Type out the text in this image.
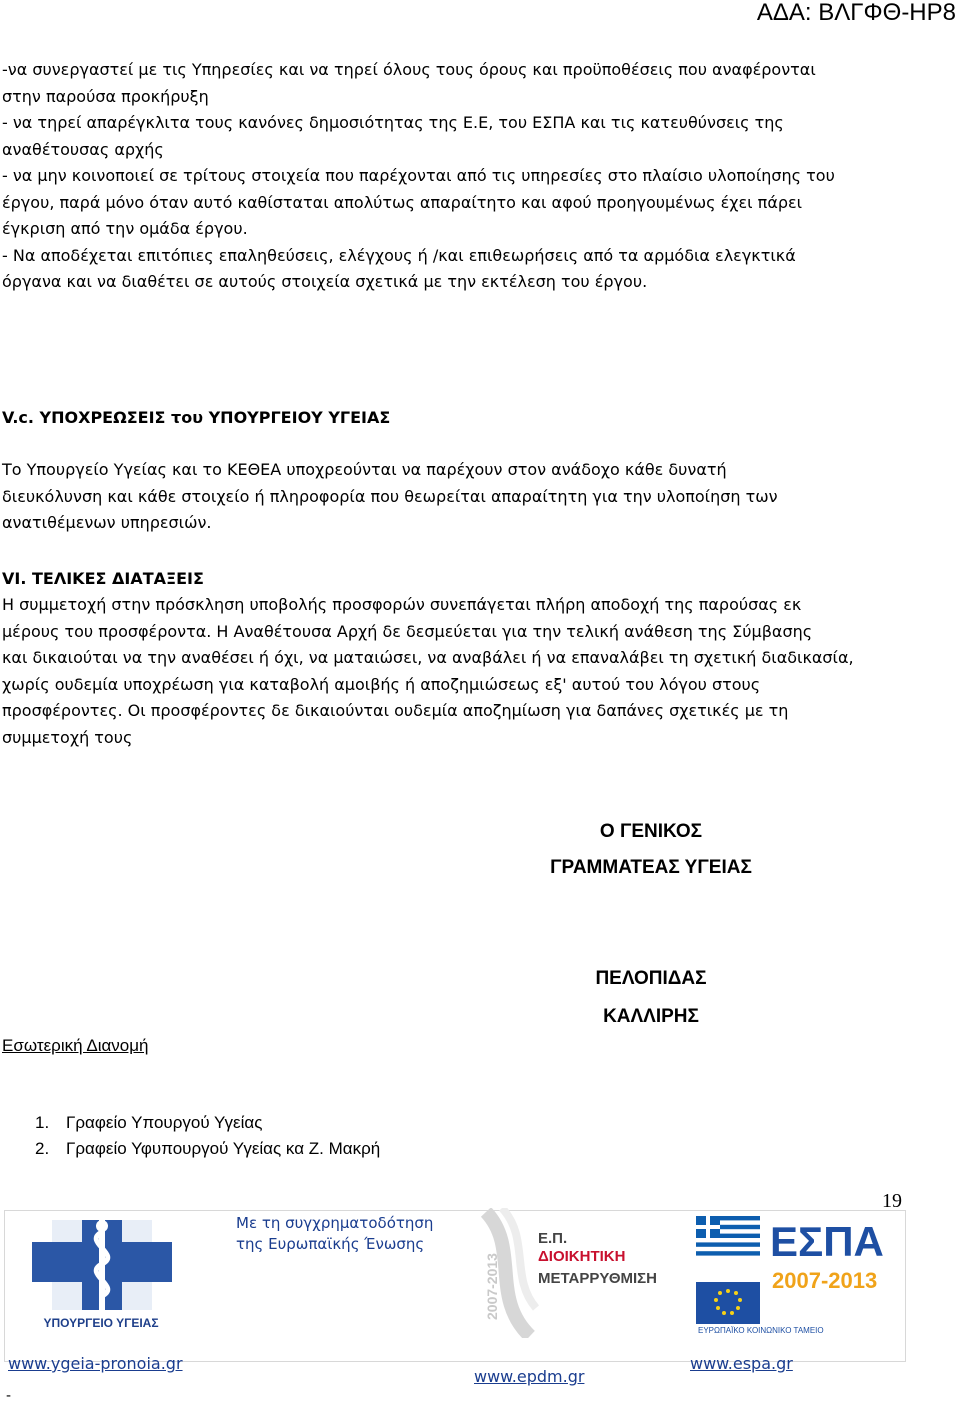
ΑΔΑ: ΒΛΓΦΘ-ΗΡ8
-να συνεργαστεί με τις Υπηρεσίες και να τηρεί όλους τους όρους και προϋποθέσεις που αναφέρονται
στην παρούσα προκήρυξη
- να τηρεί απαρέγκλιτα τους κανόνες δημοσιότητας της Ε.Ε, του ΕΣΠΑ και τις κατευθύνσεις της
αναθέτουσας αρχής
- να μην κοινοποιεί σε τρίτους στοιχεία που παρέχονται από τις υπηρεσίες στο πλαίσιο υλοποίησης του
έργου, παρά μόνο όταν αυτό καθίσταται απολύτως απαραίτητο και αφού προηγουμένως έχει πάρει
έγκριση από την ομάδα έργου.
- Να αποδέχεται επιτόπιες επαληθεύσεις, ελέγχους ή /και επιθεωρήσεις από τα αρμόδια ελεγκτικά
όργανα και να διαθέτει σε αυτούς στοιχεία σχετικά με την εκτέλεση του έργου.
V.c. ΥΠΟΧΡΕΩΣΕΙΣ του ΥΠΟΥΡΓΕΙΟΥ ΥΓΕΙΑΣ
Το Υπουργείο Υγείας και το ΚΕΘΕΑ υποχρεούνται να παρέχουν στον ανάδοχο κάθε δυνατή
διευκόλυνση και κάθε στοιχείο ή πληροφορία που θεωρείται απαραίτητη για την υλοποίηση των
ανατιθέμενων υπηρεσιών.
VI. ΤΕΛΙΚΕΣ ΔΙΑΤΑΞΕΙΣ
Η συμμετοχή στην πρόσκληση υποβολής προσφορών συνεπάγεται πλήρη αποδοχή της παρούσας εκ
μέρους του προσφέροντα. Η Αναθέτουσα Αρχή δε δεσμεύεται για την τελική ανάθεση της Σύμβασης
και δικαιούται να την αναθέσει ή όχι, να ματαιώσει, να αναβάλει ή να επαναλάβει τη σχετική διαδικασία,
χωρίς ουδεμία υποχρέωση για καταβολή αμοιβής ή αποζημιώσεως εξ' αυτού του λόγου στους
προσφέροντες. Οι προσφέροντες δε δικαιούνται ουδεμία αποζημίωση για δαπάνες σχετικές με τη
συμμετοχή τους
Ο ΓΕΝΙΚΟΣ
ΓΡΑΜΜΑΤΕΑΣ ΥΓΕΙΑΣ
ΠΕΛΟΠΙΔΑΣ
ΚΑΛΛΙΡΗΣ
Εσωτερική Διανομή
1. Γραφείο Υπουργού Υγείας
2. Γραφείο Υφυπουργού Υγείας κα Ζ. Μακρή
19
ΥΠΟΥΡΓΕΙΟ ΥΓΕΙΑΣ
Με τη συγχρηματοδότηση
της Ευρωπαϊκής Ένωσης
2007-2013
Ε.Π.
ΔΙΟΙΚΗΤΙΚΗ
ΜΕΤΑΡΡΥΘΜΙΣΗ
ΕΣΠΑ
2007-2013
ΕΥΡΩΠΑΪΚΟ ΚΟΙΝΩΝΙΚΟ ΤΑΜΕΙΟ
www.ygeia-pronoia.gr
www.epdm.gr
www.espa.gr
-
